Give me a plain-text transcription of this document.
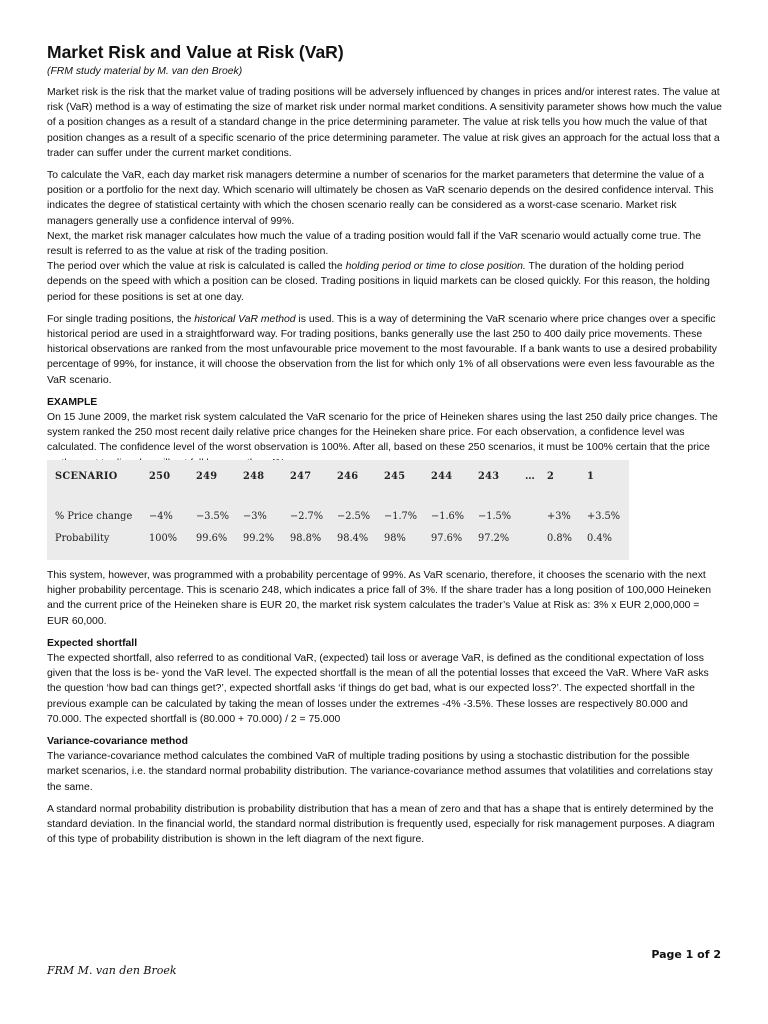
Market Risk and Value at Risk (VaR)
(FRM study material by M. van den Broek)

Market risk is the risk that the market value of trading positions will be adversely influenced by changes in prices and/or interest rates. The value at risk (VaR) method is a way of estimating the size of market risk under normal market conditions. A sensitivity parameter shows how much the value of a position changes as a result of a standard change in the price determining parameter. The value at risk tells you how much the value of that position changes as a result of a specific scenario of the price determining parameter. The value at risk gives an approach for the actual loss that a trader can suffer under the current market conditions.

To calculate the VaR, each day market risk managers determine a number of scenarios for the market parameters that determine the value of a position or a portfolio for the next day. Which scenario will ultimately be chosen as VaR scenario depends on the desired confidence interval. This indicates the degree of statistical certainty with which the chosen scenario really can be considered as a worst-case scenario. Market risk managers generally use a confidence interval of 99%.

Next, the market risk manager calculates how much the value of a trading position would fall if the VaR scenario would actually come true. The result is referred to as the value at risk of the trading position.

The period over which the value at risk is calculated is called the holding period or time to close position. The duration of the holding period depends on the speed with which a position can be closed. Trading positions in liquid markets can be closed quickly. For this reason, the holding period for these positions is set at one day.

For single trading positions, the historical VaR method is used. This is a way of determining the VaR scenario where price changes over a specific historical period are used in a straightforward way. For trading positions, banks generally use the last 250 to 400 daily price movements. These historical observations are ranked from the most unfavourable price movement to the most favourable. If a bank wants to use a desired probability percentage of 99%, for instance, it will choose the observation from the list for which only 1% of all observations were even less favourable as the VaR scenario.

EXAMPLE

On 15 June 2009, the market risk system calculated the VaR scenario for the price of Heineken shares using the last 250 daily price changes. The system ranked the 250 most recent daily relative price changes for the Heineken share price. For each observation, a confidence level was calculated. The confidence level of the worst observation is 100%. After all, based on these 250 scenarios, it must be 100% certain that the price

SCENARIO	250	249	248	247	246	245	244	243	…	2	1

% Price change	−4%	−3.5%	−3%	−2.7%	−2.5%	−1.7%	−1.6%	−1.5%		+3%	+3.5%
Probability	100%	99.6%	99.2%	98.8%	98.4%	98%	97.6%	97.2%		0.8%	0.4%

This system, however, was programmed with a probability percentage of 99%. As VaR scenario, therefore, it chooses the scenario with the next higher probability percentage. This is scenario 248, which indicates a price fall of 3%. If the share trader has a long position of 100,000 Heineken and the current price of the Heineken share is EUR 20, the market risk system calculates the trader’s Value at Risk as: 3% x EUR 2,000,000 = EUR 60,000.

Expected shortfall

The expected shortfall, also referred to as conditional VaR, (expected) tail loss or average VaR, is defined as the conditional expectation of loss given that the loss is be- yond the VaR level. The expected shortfall is the mean of all the potential losses that exceed the VaR. Where VaR asks the question ‘how bad can things get?’, expected shortfall asks ‘if things do get bad, what is our expected loss?’. The expected shortfall in the previous example can be calculated by taking the mean of losses under the extremes -4% -3.5%. These losses are respectively 80.000 and 70.000. The expected shortfall is (80.000 + 70.000) / 2 = 75.000

Variance-covariance method

The variance-covariance method calculates the combined VaR of multiple trading positions by using a stochastic distribution for the possible market scenarios, i.e. the standard normal probability distribution. The variance-covariance method assumes that volatilities and correlations stay the same.

A standard normal probability distribution is probability distribution that has a mean of zero and that has a shape that is entirely determined by the standard deviation. In the financial world, the standard normal distribution is frequently used, especially for risk management purposes. A diagram of this type of probability distribution is shown in the left diagram of the next figure.

Page 1 of 2
FRM M. van den Broek
